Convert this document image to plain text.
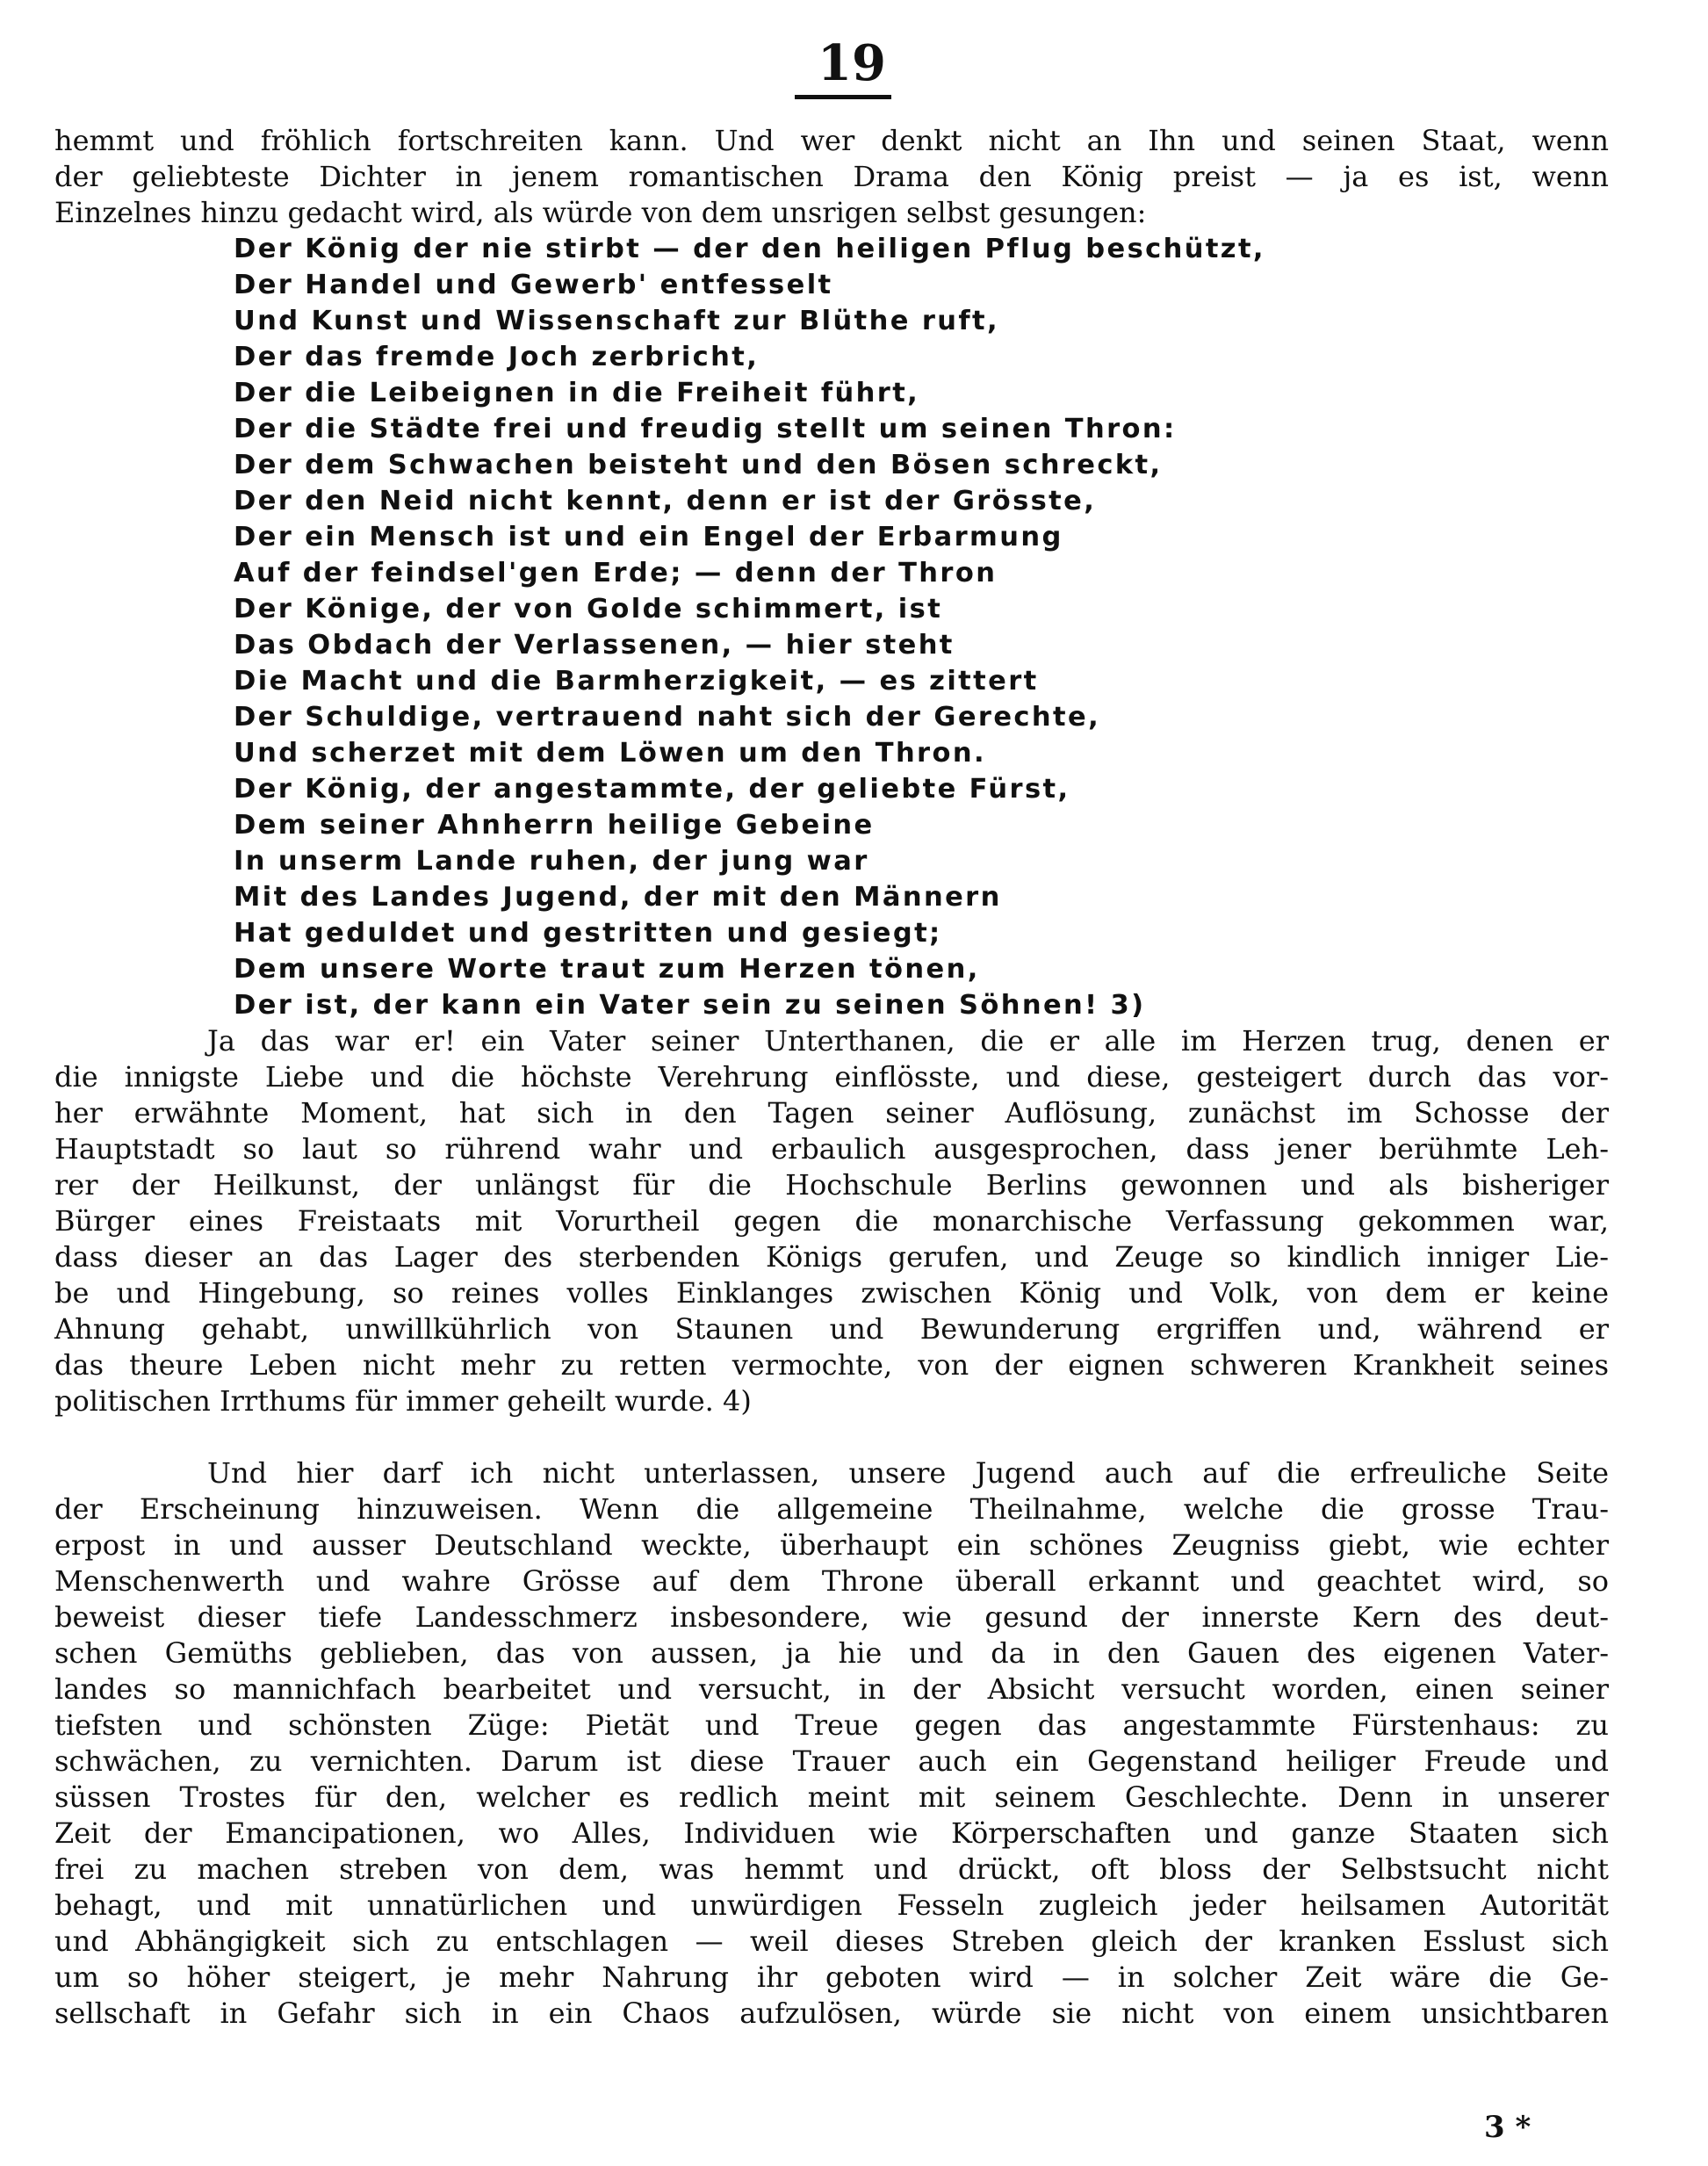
19
hemmt und fröhlich fortschreiten kann. Und wer denkt nicht an Ihn und seinen Staat, wenn
der geliebteste Dichter in jenem romantischen Drama den König preist — ja es ist, wenn
Einzelnes hinzu gedacht wird, als würde von dem unsrigen selbst gesungen:
Der König der nie stirbt — der den heiligen Pflug beschützt,
Der Handel und Gewerb' entfesselt
Und Kunst und Wissenschaft zur Blüthe ruft,
Der das fremde Joch zerbricht,
Der die Leibeignen in die Freiheit führt,
Der die Städte frei und freudig stellt um seinen Thron:
Der dem Schwachen beisteht und den Bösen schreckt,
Der den Neid nicht kennt, denn er ist der Grösste,
Der ein Mensch ist und ein Engel der Erbarmung
Auf der feindsel'gen Erde; — denn der Thron
Der Könige, der von Golde schimmert, ist
Das Obdach der Verlassenen, — hier steht
Die Macht und die Barmherzigkeit, — es zittert
Der Schuldige, vertrauend naht sich der Gerechte,
Und scherzet mit dem Löwen um den Thron.
Der König, der angestammte, der geliebte Fürst,
Dem seiner Ahnherrn heilige Gebeine
In unserm Lande ruhen, der jung war
Mit des Landes Jugend, der mit den Männern
Hat geduldet und gestritten und gesiegt;
Dem unsere Worte traut zum Herzen tönen,
Der ist, der kann ein Vater sein zu seinen Söhnen! 3)
Ja das war er! ein Vater seiner Unterthanen, die er alle im Herzen trug, denen er
die innigste Liebe und die höchste Verehrung einflösste, und diese, gesteigert durch das vor-
her erwähnte Moment, hat sich in den Tagen seiner Auflösung, zunächst im Schosse der
Hauptstadt so laut so rührend wahr und erbaulich ausgesprochen, dass jener berühmte Leh-
rer der Heilkunst, der unlängst für die Hochschule Berlins gewonnen und als bisheriger
Bürger eines Freistaats mit Vorurtheil gegen die monarchische Verfassung gekommen war,
dass dieser an das Lager des sterbenden Königs gerufen, und Zeuge so kindlich inniger Lie-
be und Hingebung, so reines volles Einklanges zwischen König und Volk, von dem er keine
Ahnung gehabt, unwillkührlich von Staunen und Bewunderung ergriffen und, während er
das theure Leben nicht mehr zu retten vermochte, von der eignen schweren Krankheit seines
politischen Irrthums für immer geheilt wurde. 4)
Und hier darf ich nicht unterlassen, unsere Jugend auch auf die erfreuliche Seite
der Erscheinung hinzuweisen. Wenn die allgemeine Theilnahme, welche die grosse Trau-
erpost in und ausser Deutschland weckte, überhaupt ein schönes Zeugniss giebt, wie echter
Menschenwerth und wahre Grösse auf dem Throne überall erkannt und geachtet wird, so
beweist dieser tiefe Landesschmerz insbesondere, wie gesund der innerste Kern des deut-
schen Gemüths geblieben, das von aussen, ja hie und da in den Gauen des eigenen Vater-
landes so mannichfach bearbeitet und versucht, in der Absicht versucht worden, einen seiner
tiefsten und schönsten Züge: Pietät und Treue gegen das angestammte Fürstenhaus: zu
schwächen, zu vernichten. Darum ist diese Trauer auch ein Gegenstand heiliger Freude und
süssen Trostes für den, welcher es redlich meint mit seinem Geschlechte. Denn in unserer
Zeit der Emancipationen, wo Alles, Individuen wie Körperschaften und ganze Staaten sich
frei zu machen streben von dem, was hemmt und drückt, oft bloss der Selbstsucht nicht
behagt, und mit unnatürlichen und unwürdigen Fesseln zugleich jeder heilsamen Autorität
und Abhängigkeit sich zu entschlagen — weil dieses Streben gleich der kranken Esslust sich
um so höher steigert, je mehr Nahrung ihr geboten wird — in solcher Zeit wäre die Ge-
sellschaft in Gefahr sich in ein Chaos aufzulösen, würde sie nicht von einem unsichtbaren
3 *
